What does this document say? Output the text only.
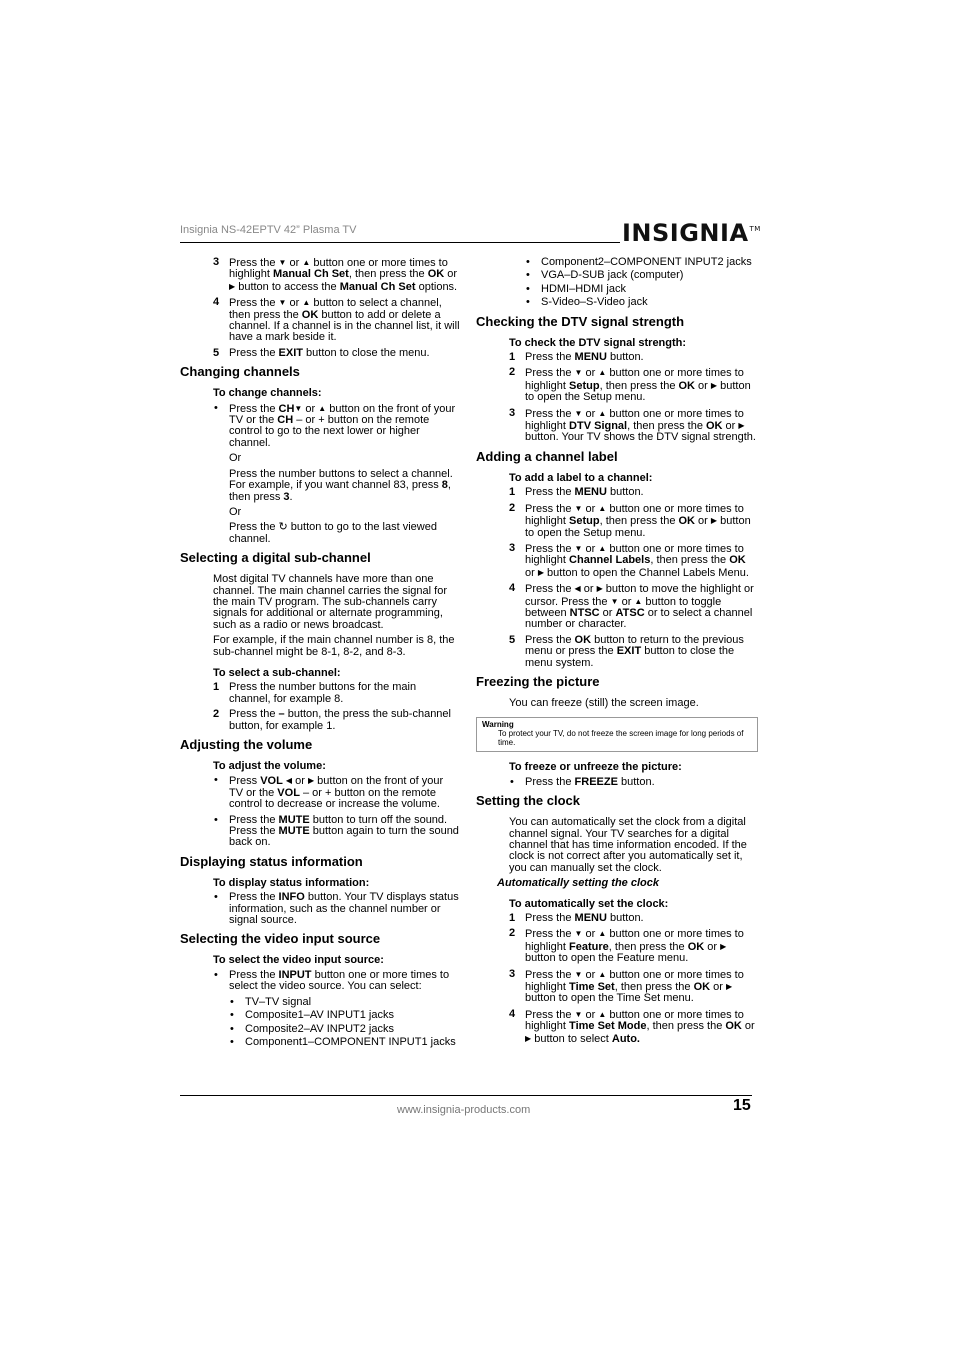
Insignia NS-42EPTV 42” Plasma TV	INSIGNIA™
3 Press the ▼ or ▲ button one or more times to highlight Manual Ch Set, then press the OK or ▶ button to access the Manual Ch Set options.
4 Press the ▼ or ▲ button to select a channel, then press the OK button to add or delete a channel. If a channel is in the channel list, it will have a mark beside it.
5 Press the EXIT button to close the menu.
Changing channels
To change channels:
• Press the CH▼ or ▲ button on the front of your TV or the CH – or + button on the remote control to go to the next lower or higher channel.
Or
Press the number buttons to select a channel. For example, if you want channel 83, press 8, then press 3.
Or
Press the ↻ button to go to the last viewed channel.
Selecting a digital sub-channel
Most digital TV channels have more than one channel. The main channel carries the signal for the main TV program. The sub-channels carry signals for additional or alternate programming, such as a radio or news broadcast.
For example, if the main channel number is 8, the sub-channel might be 8-1, 8-2, and 8-3.
To select a sub-channel:
1 Press the number buttons for the main channel, for example 8.
2 Press the – button, the press the sub-channel button, for example 1.
Adjusting the volume
To adjust the volume:
• Press VOL ◀ or ▶ button on the front of your TV or the VOL – or + button on the remote control to decrease or increase the volume.
• Press the MUTE button to turn off the sound. Press the MUTE button again to turn the sound back on.
Displaying status information
To display status information:
• Press the INFO button. Your TV displays status information, such as the channel number or signal source.
Selecting the video input source
To select the video input source:
• Press the INPUT button one or more times to select the video source. You can select:
• TV–TV signal
• Composite1–AV INPUT1 jacks
• Composite2–AV INPUT2 jacks
• Component1–COMPONENT INPUT1 jacks
• Component2–COMPONENT INPUT2 jacks
• VGA–D-SUB jack (computer)
• HDMI–HDMI jack
• S-Video–S-Video jack
Checking the DTV signal strength
To check the DTV signal strength:
1 Press the MENU button.
2 Press the ▼ or ▲ button one or more times to highlight Setup, then press the OK or ▶ button to open the Setup menu.
3 Press the ▼ or ▲ button one or more times to highlight DTV Signal, then press the OK or ▶ button. Your TV shows the DTV signal strength.
Adding a channel label
To add a label to a channel:
1 Press the MENU button.
2 Press the ▼ or ▲ button one or more times to highlight Setup, then press the OK or ▶ button to open the Setup menu.
3 Press the ▼ or ▲ button one or more times to highlight Channel Labels, then press the OK or ▶ button to open the Channel Labels Menu.
4 Press the ◀ or ▶ button to move the highlight or cursor. Press the ▼ or ▲ button to toggle between NTSC or ATSC or to select a channel number or character.
5 Press the OK button to return to the previous menu or press the EXIT button to close the menu system.
Freezing the picture
You can freeze (still) the screen image.
Warning
To protect your TV, do not freeze the screen image for long periods of time.
To freeze or unfreeze the picture:
• Press the FREEZE button.
Setting the clock
You can automatically set the clock from a digital channel signal. Your TV searches for a digital channel that has time information encoded. If the clock is not correct after you automatically set it, you can manually set the clock.
Automatically setting the clock
To automatically set the clock:
1 Press the MENU button.
2 Press the ▼ or ▲ button one or more times to highlight Feature, then press the OK or ▶ button to open the Feature menu.
3 Press the ▼ or ▲ button one or more times to highlight Time Set, then press the OK or ▶ button to open the Time Set menu.
4 Press the ▼ or ▲ button one or more times to highlight Time Set Mode, then press the OK or ▶ button to select Auto.
www.insignia-products.com	15
